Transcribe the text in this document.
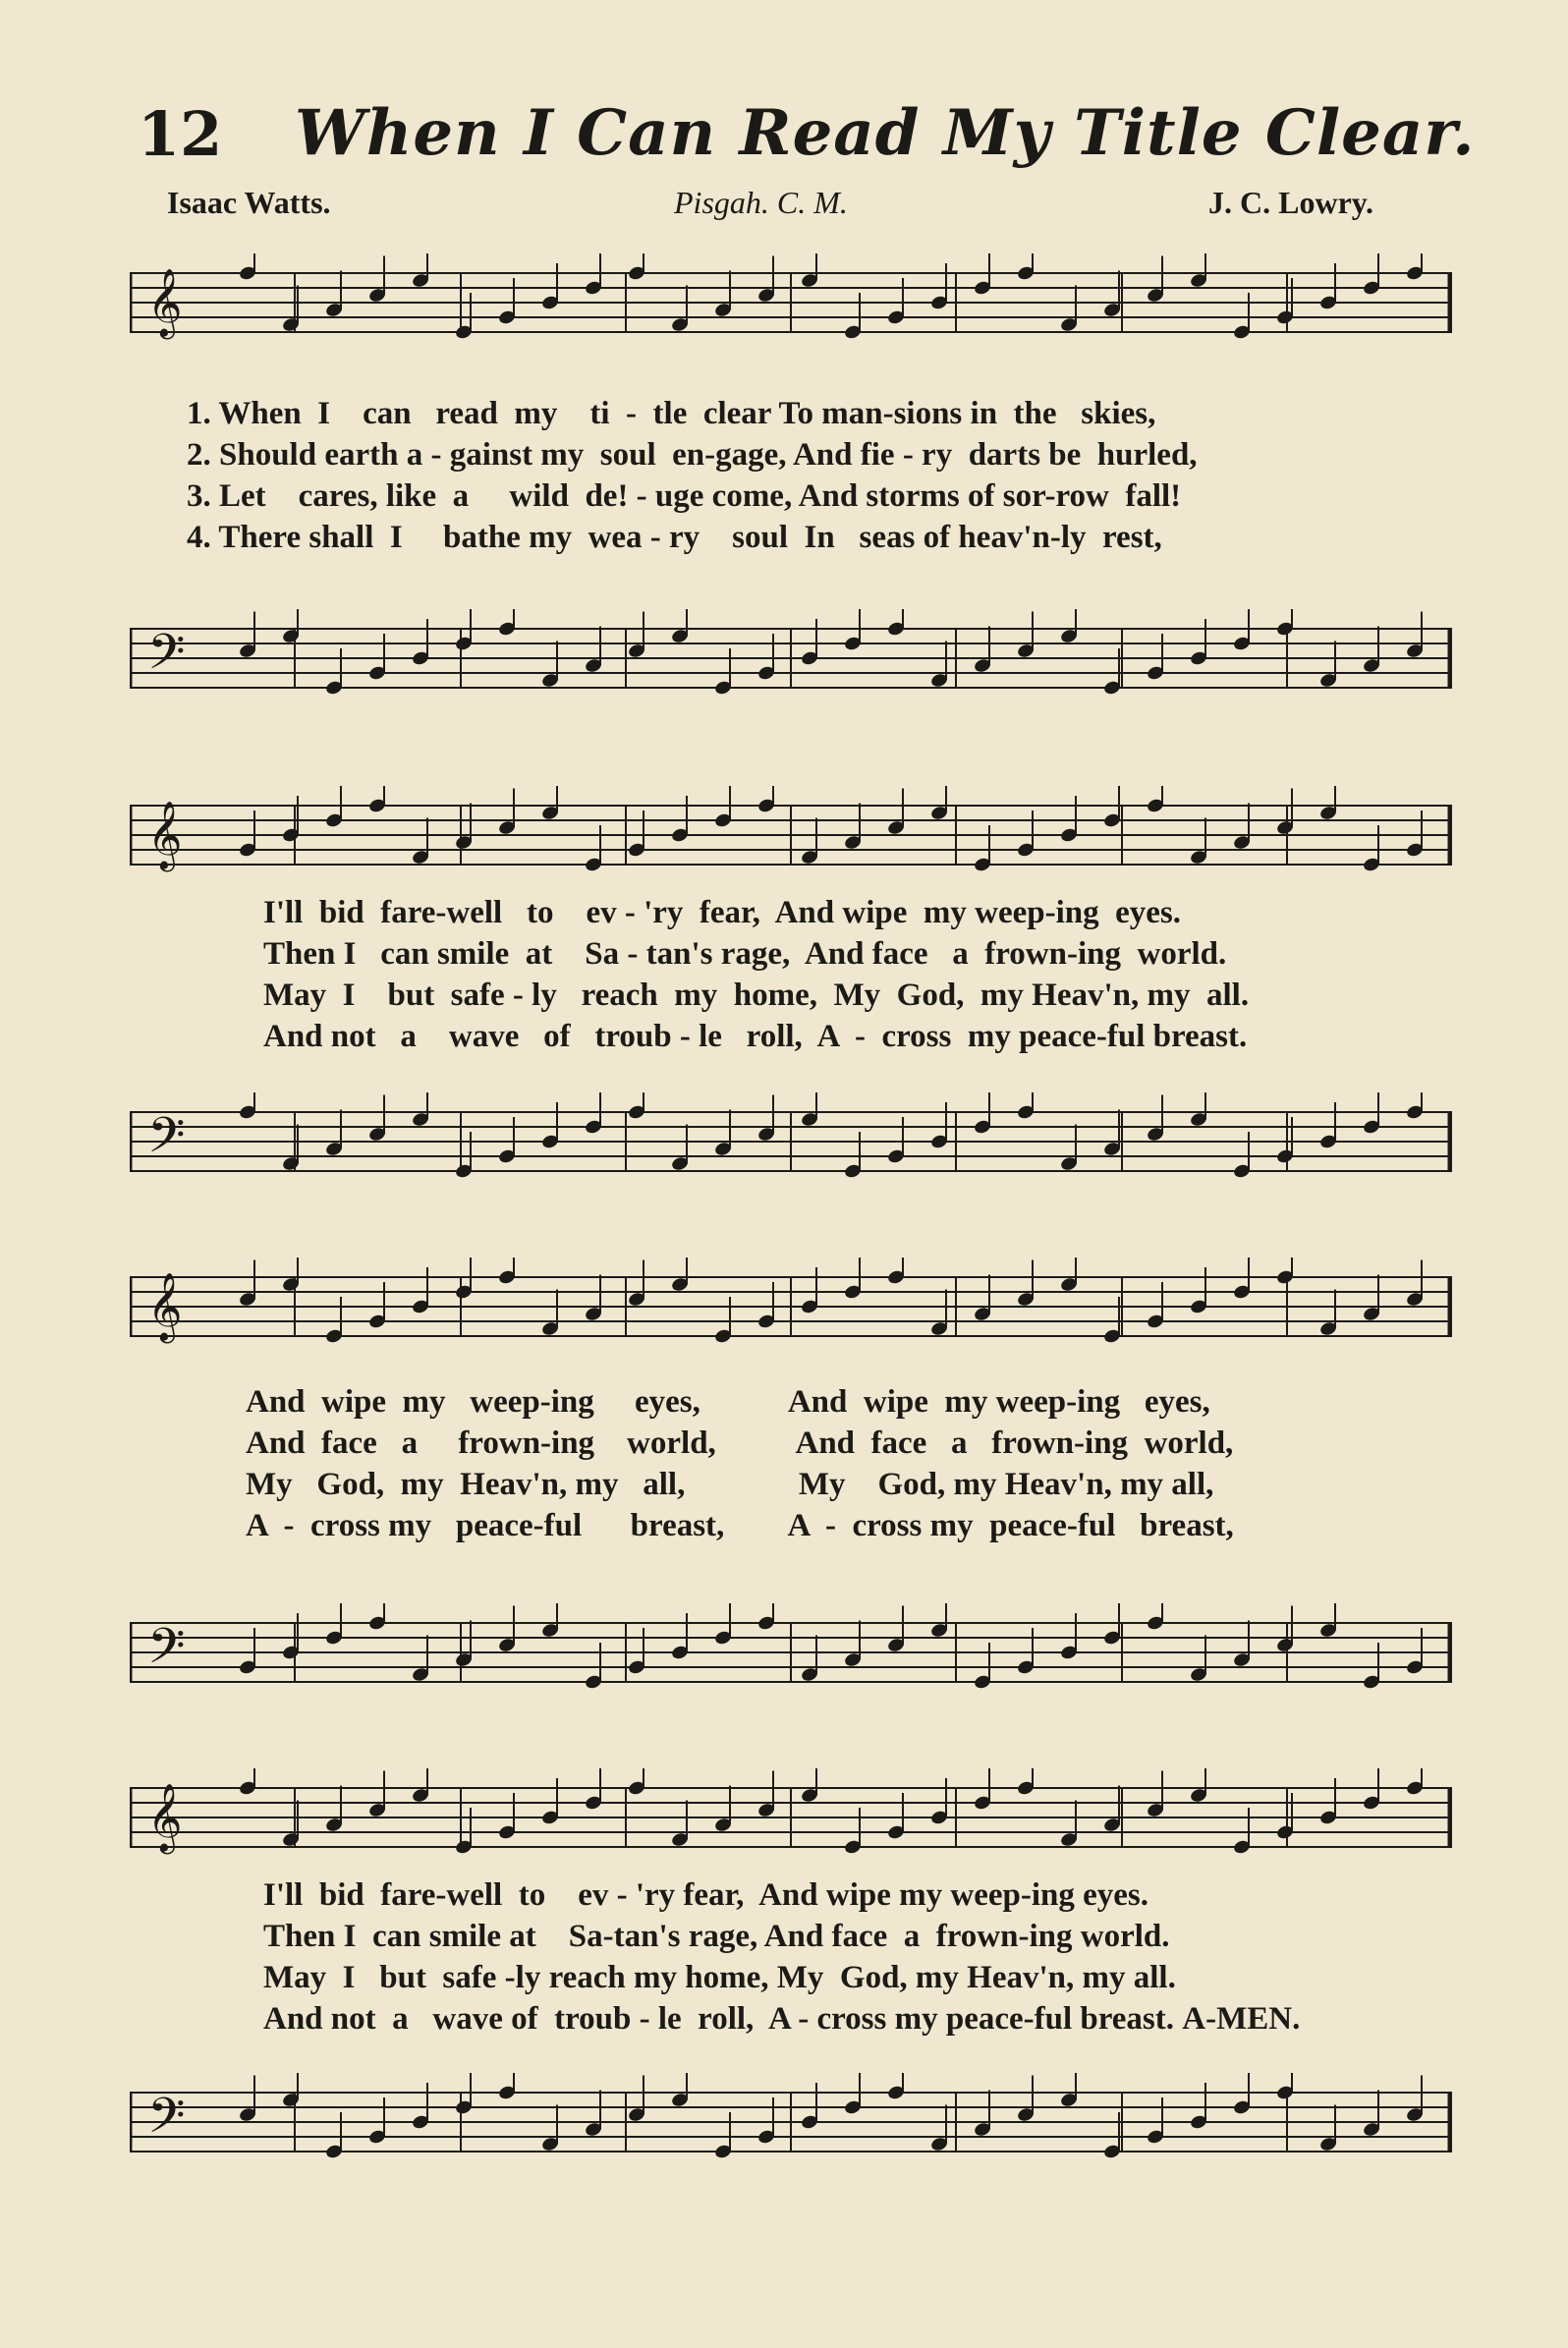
12 When I Can Read My Title Clear.
Isaac Watts.	Pisgah. C. M.	J. C. Lowry.
𝄞
1. When  I    can   read  my    ti  -  tle  clear To man-sions in  the   skies,
2. Should earth a - gainst my  soul  en-gage, And fie - ry  darts be  hurled,
3. Let    cares, like  a     wild  de! - uge come, And storms of sor-row  fall!
4. There shall  I     bathe my  wea - ry    soul  In   seas of heav'n-ly  rest,
𝄢
𝄞
I'll  bid  fare-well   to    ev - 'ry  fear,  And wipe  my weep-ing  eyes.
Then I   can smile  at    Sa - tan's rage,  And face   a  frown-ing  world.
May  I    but  safe - ly   reach  my  home,  My  God,  my Heav'n, my  all.
And not   a    wave   of   troub - le   roll,  A  -  cross  my peace-ful breast.
𝄢
𝄞
And  wipe  my   weep-ing     eyes,           And  wipe  my weep-ing   eyes,
And  face   a     frown-ing    world,          And  face   a   frown-ing  world,
My   God,  my  Heav'n, my   all,              My    God, my Heav'n, my all,
A  -  cross my   peace-ful      breast,        A  -  cross my  peace-ful   breast,
𝄢
𝄞
I'll  bid  fare-well  to    ev - 'ry fear,  And wipe my weep-ing eyes.
Then I  can smile at    Sa-tan's rage, And face  a  frown-ing world.
May  I   but  safe -ly reach my home, My  God, my Heav'n, my all.
And not  a   wave of  troub - le  roll,  A - cross my peace-ful breast. A-MEN.
𝄢
